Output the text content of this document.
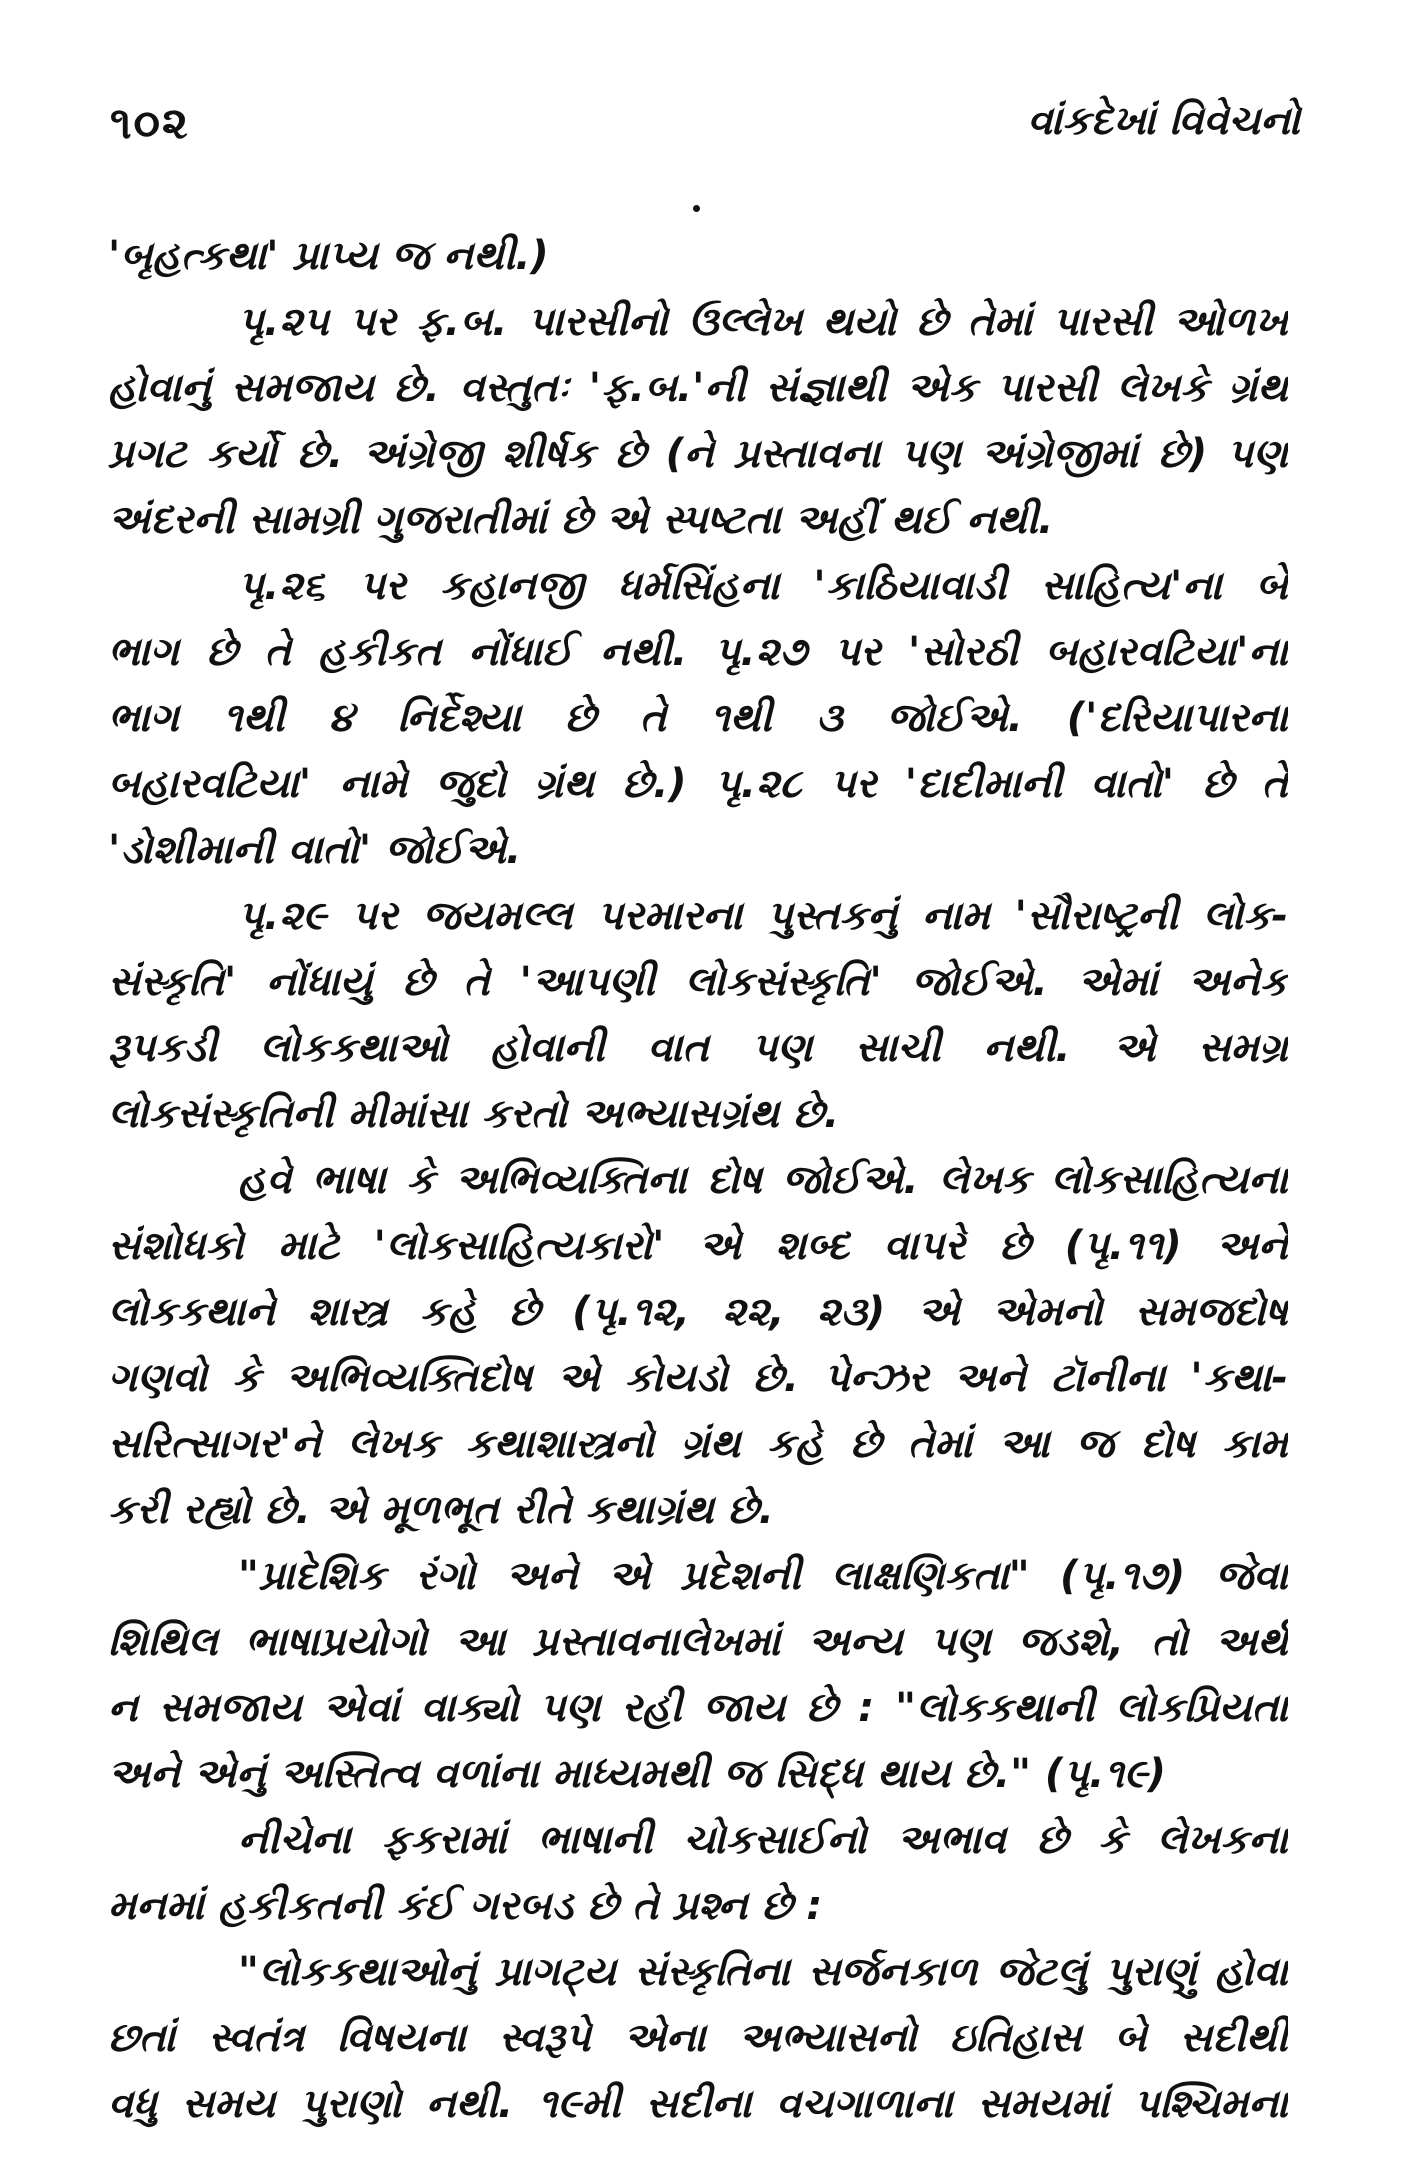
૧૦૨	વાંકદેખાં વિવેચનો
'બૃહત્કથા' પ્રાપ્ય જ નથી.)
પૃ.૨૫ પર ફ.બ. પારસીનો ઉલ્લેખ થયો છે તેમાં પારસી ઓળખ
હોવાનું સમજાય છે. વસ્તુતઃ 'ફ.બ.'ની સંજ્ઞાથી એક પારસી લેખકે ગ્રંથ
પ્રગટ કર્યો છે. અંગ્રેજી શીર્ષક છે (ને પ્રસ્તાવના પણ અંગ્રેજીમાં છે) પણ
અંદરની સામગ્રી ગુજરાતીમાં છે એ સ્પષ્ટતા અહીં થઈ નથી.
પૃ.૨૬ પર કહાનજી ધર્મસિંહના 'કાઠિયાવાડી સાહિત્ય'ના બે
ભાગ છે તે હકીકત નોંધાઈ નથી. પૃ.૨૭ પર 'સોરઠી બહારવટિયા'ના
ભાગ ૧થી ૪ નિર્દેશ્યા છે તે ૧થી ૩ જોઈએ. ('દરિયાપારના
બહારવટિયા' નામે જુદો ગ્રંથ છે.) પૃ.૨૮ પર 'દાદીમાની વાતો' છે તે
'ડોશીમાની વાતો' જોઈએ.
પૃ.૨૯ પર જયમલ્લ પરમારના પુસ્તકનું નામ 'સૌરાષ્ટ્રની લોક-
સંસ્કૃતિ' નોંધાયું છે તે 'આપણી લોકસંસ્કૃતિ' જોઈએ. એમાં અનેક
રૂપકડી લોકકથાઓ હોવાની વાત પણ સાચી નથી. એ સમગ્ર
લોકસંસ્કૃતિની મીમાંસા કરતો અભ્યાસગ્રંથ છે.
હવે ભાષા કે અભિવ્યક્તિના દોષ જોઈએ. લેખક લોકસાહિત્યના
સંશોધકો માટે 'લોકસાહિત્યકારો' એ શબ્દ વાપરે છે (પૃ.૧૧) અને
લોકકથાને શાસ્ત્ર કહે છે (પૃ.૧૨, ૨૨, ૨૩) એ એમનો સમજદોષ
ગણવો કે અભિવ્યક્તિદોષ એ કોયડો છે. પેન્ઝર અને ટૉનીના 'કથા-
સરિત્સાગર'ને લેખક કથાશાસ્ત્રનો ગ્રંથ કહે છે તેમાં આ જ દોષ કામ
કરી રહ્યો છે. એ મૂળભૂત રીતે કથાગ્રંથ છે.
"પ્રાદેશિક રંગો અને એ પ્રદેશની લાક્ષણિકતા" (પૃ.૧૭) જેવા
શિથિલ ભાષાપ્રયોગો આ પ્રસ્તાવનાલેખમાં અન્ય પણ જડશે, તો અર્થ
ન સમજાય એવાં વાક્યો પણ રહી જાય છે : "લોકકથાની લોકપ્રિયતા
અને એનું અસ્તિત્વ વળાંના માધ્યમથી જ સિદ્ધ થાય છે." (પૃ.૧૯)
નીચેના ફકરામાં ભાષાની ચોકસાઈનો અભાવ છે કે લેખકના
મનમાં હકીકતની કંઈ ગરબડ છે તે પ્રશ્ન છે :
"લોકકથાઓનું પ્રાગટ્ય સંસ્કૃતિના સર્જનકાળ જેટલું પુરાણું હોવા
છતાં સ્વતંત્ર વિષયના સ્વરૂપે એના અભ્યાસનો ઇતિહાસ બે સદીથી
વધુ સમય પુરાણો નથી. ૧૯મી સદીના વચગાળાના સમયમાં પશ્ચિમના
